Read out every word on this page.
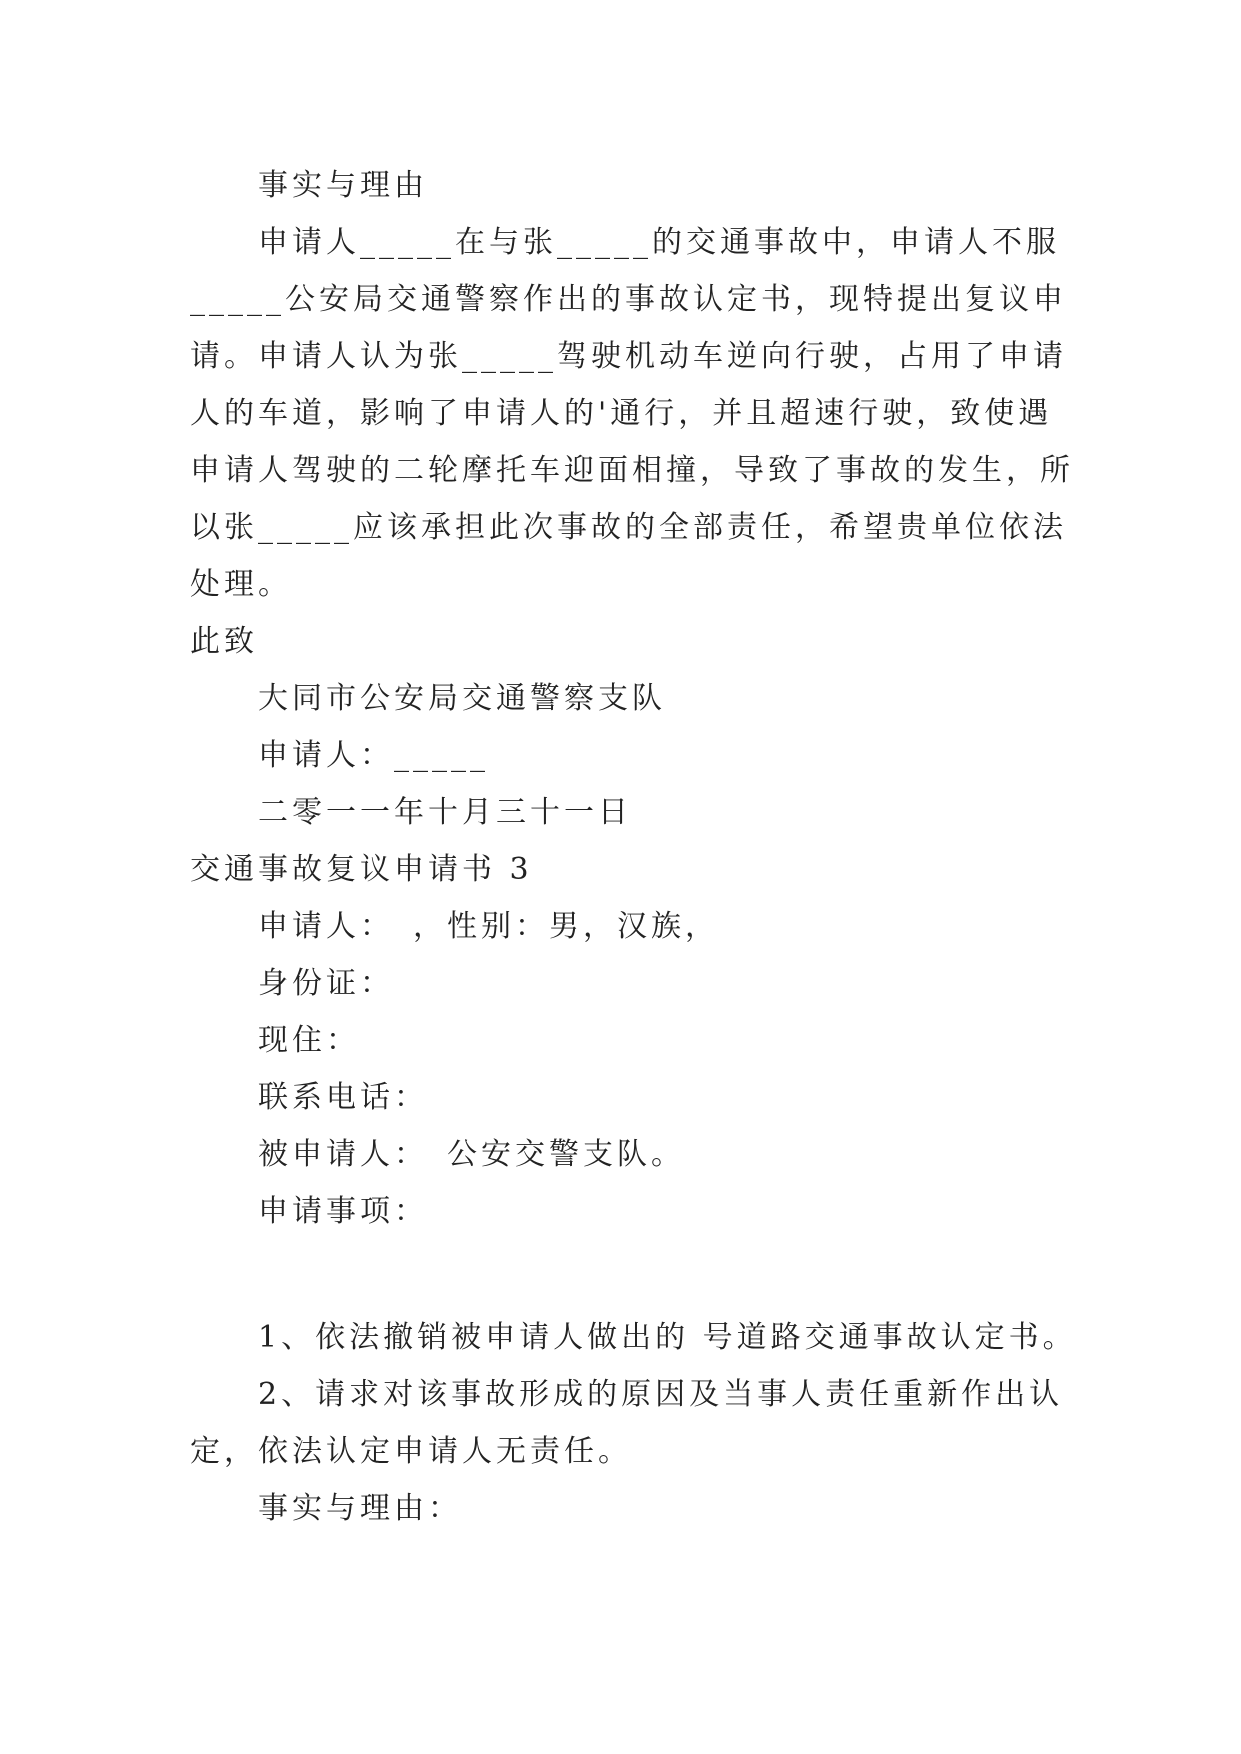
事实与理由
申请人_____在与张_____的交通事故中，申请人不服
_____公安局交通警察作出的事故认定书，现特提出复议申
请。申请人认为张_____驾驶机动车逆向行驶，占用了申请
人的车道，影响了申请人的'通行，并且超速行驶，致使遇
申请人驾驶的二轮摩托车迎面相撞，导致了事故的发生，所
以张_____应该承担此次事故的全部责任，希望贵单位依法
处理。
此致
大同市公安局交通警察支队
申请人：_____
二零一一年十月三十一日
交通事故复议申请书 3
申请人：　，性别：男，汉族，
身份证：
现住：
联系电话：
被申请人：　公安交警支队。
申请事项：
1、依法撤销被申请人做出的 号道路交通事故认定书。
2、请求对该事故形成的原因及当事人责任重新作出认
定，依法认定申请人无责任。
事实与理由：
